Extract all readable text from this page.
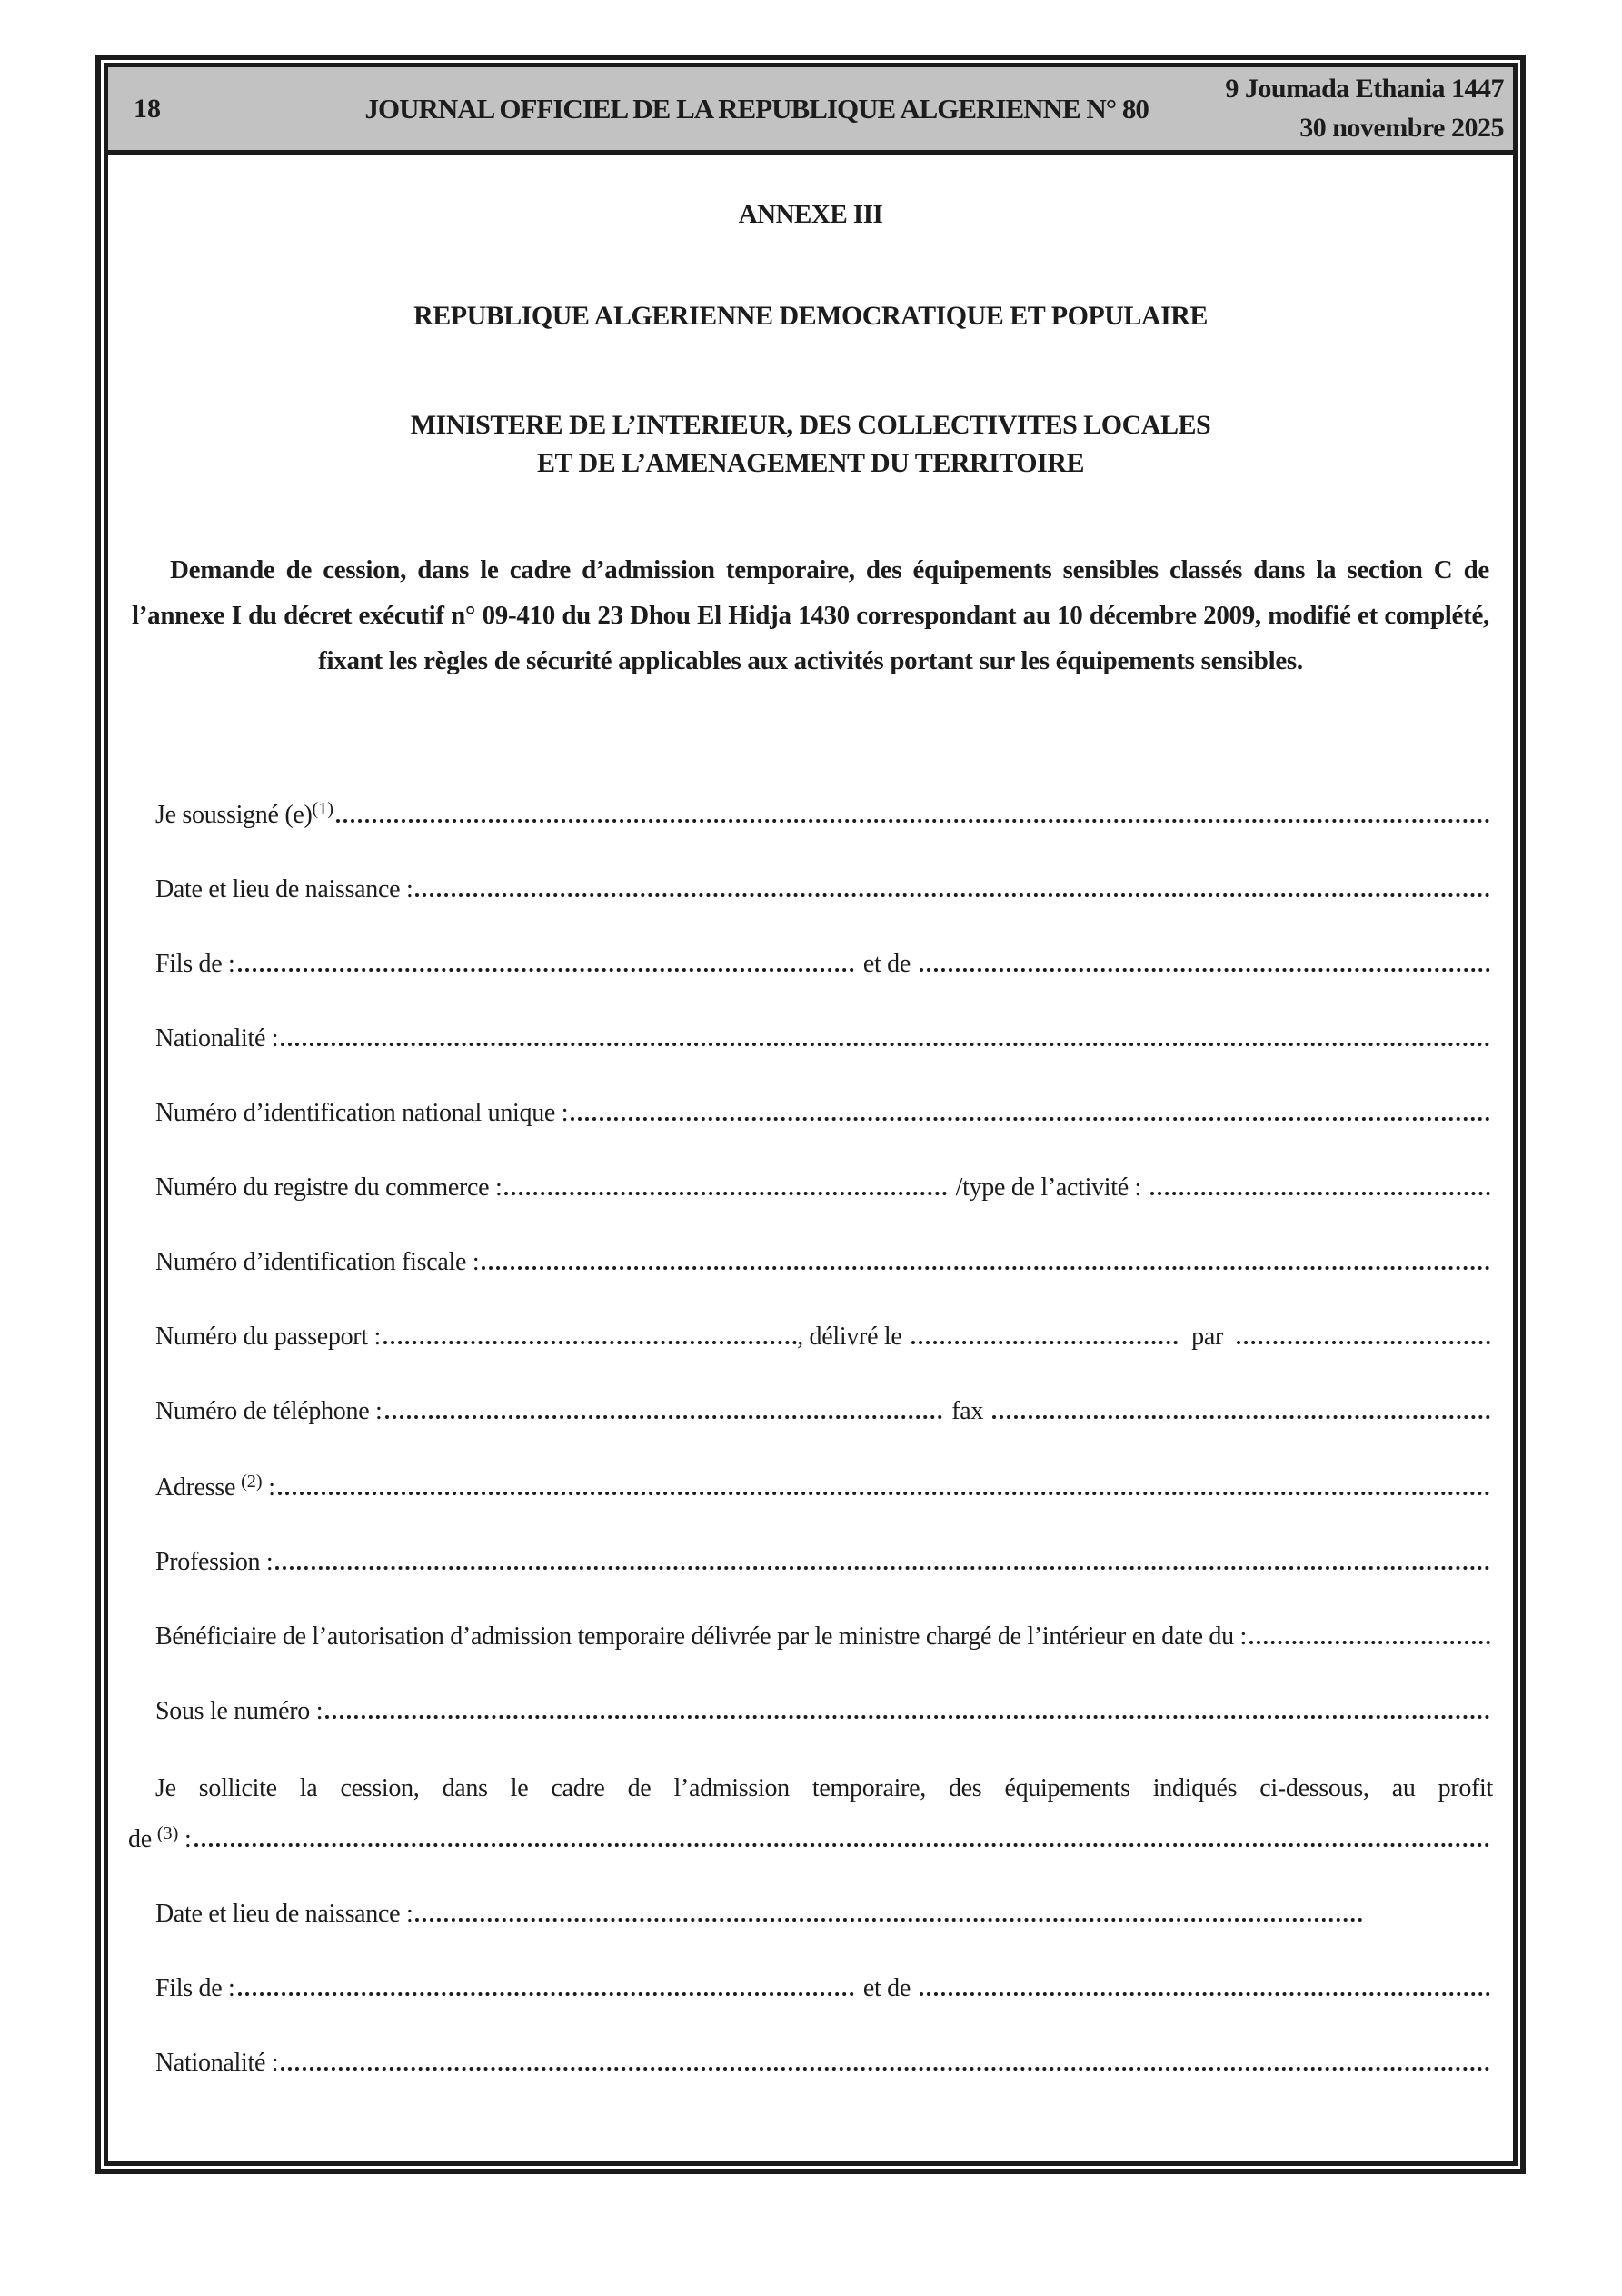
18	JOURNAL OFFICIEL DE LA REPUBLIQUE ALGERIENNE N° 80
9 Joumada Ethania 1447
30 novembre 2025
ANNEXE III
REPUBLIQUE ALGERIENNE DEMOCRATIQUE ET POPULAIRE
MINISTERE DE L’INTERIEUR, DES COLLECTIVITES LOCALES
ET DE L’AMENAGEMENT DU TERRITOIRE

Demande de cession, dans le cadre d’admission temporaire, des équipements sensibles classés dans la section C de l’annexe I du décret exécutif n° 09-410 du 23 Dhou El Hidja 1430 correspondant au 10 décembre 2009, modifié et complété, fixant les règles de sécurité applicables aux activités portant sur les équipements sensibles.

Je soussigné $(e)^{(1)}$
Date et lieu de naissance :
Fils de :	et de
Nationalité :
Numéro d’identification national unique :
Numéro du registre du commerce :	/type de l’activité :
Numéro d’identification fiscale :
Numéro du passeport :	, délivré le	par
Numéro de téléphone :	fax
Adresse $^{(2)}$ :
Profession :
Bénéficiaire de l’autorisation d’admission temporaire délivrée par le ministre chargé de l’intérieur en date du :
Sous le numéro :

Je sollicite la cession, dans le cadre de l’admission temporaire, des équipements indiqués ci-dessous, au profit

de $^{(3)}$ :
Date et lieu de naissance :
Fils de :	et de
Nationalité :
